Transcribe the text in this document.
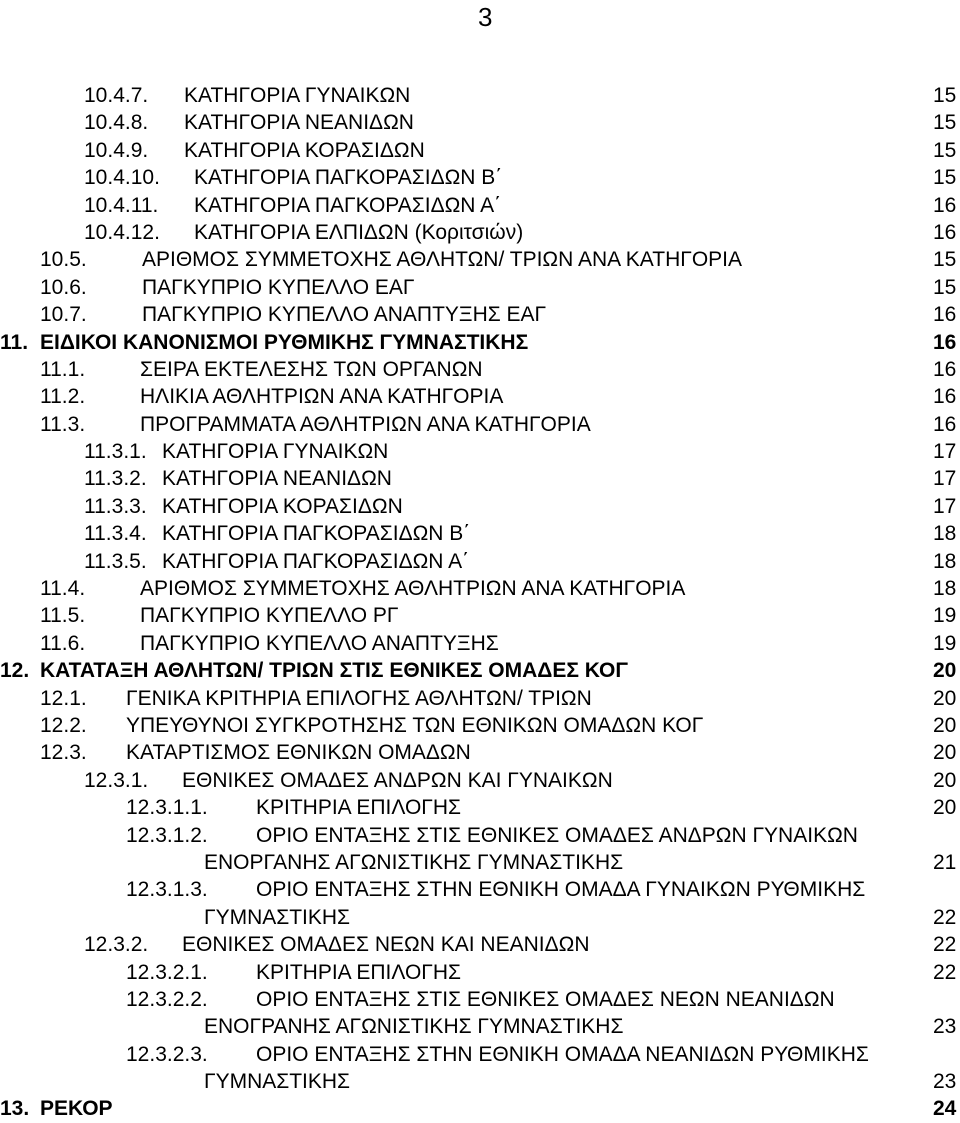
3
10.4.7. ΚΑΤΗΓΟΡΙΑ ΓΥΝΑΙΚΩΝ	15
10.4.8. ΚΑΤΗΓΟΡΙΑ ΝΕΑΝΙΔΩΝ	15
10.4.9. ΚΑΤΗΓΟΡΙΑ ΚΟΡΑΣΙΔΩΝ	15
10.4.10. ΚΑΤΗΓΟΡΙΑ ΠΑΓΚΟΡΑΣΙΔΩΝ Β΄	15
10.4.11. ΚΑΤΗΓΟΡΙΑ ΠΑΓΚΟΡΑΣΙΔΩΝ Α΄	16
10.4.12. ΚΑΤΗΓΟΡΙΑ ΕΛΠΙΔΩΝ (Κοριτσιών)	16
10.5.	ΑΡΙΘΜΟΣ ΣΥΜΜΕΤΟΧΗΣ ΑΘΛΗΤΩΝ/ ΤΡΙΩΝ ΑΝΑ ΚΑΤΗΓΟΡΙΑ	15
10.6.	ΠΑΓΚΥΠΡΙΟ ΚΥΠΕΛΛΟ ΕΑΓ	15
10.7.	ΠΑΓΚΥΠΡΙΟ ΚΥΠΕΛΛΟ ΑΝΑΠΤΥΞΗΣ ΕΑΓ	16
11. ΕΙΔΙΚΟΙ ΚΑΝΟΝΙΣΜΟΙ ΡΥΘΜΙΚΗΣ ΓΥΜΝΑΣΤΙΚΗΣ	16
11.1.	ΣΕΙΡΑ ΕΚΤΕΛΕΣΗΣ ΤΩΝ ΟΡΓΑΝΩΝ	16
11.2.	ΗΛΙΚΙΑ ΑΘΛΗΤΡΙΩΝ ΑΝΑ ΚΑΤΗΓΟΡΙΑ	16
11.3.	ΠΡΟΓΡΑΜΜΑΤΑ ΑΘΛΗΤΡΙΩΝ ΑΝΑ ΚΑΤΗΓΟΡΙΑ	16
11.3.1. ΚΑΤΗΓΟΡΙΑ ΓΥΝΑΙΚΩΝ	17
11.3.2. ΚΑΤΗΓΟΡΙΑ ΝΕΑΝΙΔΩΝ	17
11.3.3. ΚΑΤΗΓΟΡΙΑ ΚΟΡΑΣΙΔΩΝ	17
11.3.4. ΚΑΤΗΓΟΡΙΑ ΠΑΓΚΟΡΑΣΙΔΩΝ Β΄	18
11.3.5. ΚΑΤΗΓΟΡΙΑ ΠΑΓΚΟΡΑΣΙΔΩΝ Α΄	18
11.4.	ΑΡΙΘΜΟΣ ΣΥΜΜΕΤΟΧΗΣ ΑΘΛΗΤΡΙΩΝ ΑΝΑ ΚΑΤΗΓΟΡΙΑ	18
11.5.	ΠΑΓΚΥΠΡΙΟ ΚΥΠΕΛΛΟ ΡΓ	19
11.6.	ΠΑΓΚΥΠΡΙΟ ΚΥΠΕΛΛΟ ΑΝΑΠΤΥΞΗΣ	19
12. ΚΑΤΑΤΑΞΗ ΑΘΛΗΤΩΝ/ ΤΡΙΩΝ ΣΤΙΣ ΕΘΝΙΚΕΣ ΟΜΑΔΕΣ ΚΟΓ	20
12.1. ΓΕΝΙΚΑ ΚΡΙΤΗΡΙΑ ΕΠΙΛΟΓΗΣ ΑΘΛΗΤΩΝ/ ΤΡΙΩΝ	20
12.2. ΥΠΕΥΘΥΝΟΙ ΣΥΓΚΡΟΤΗΣΗΣ ΤΩΝ ΕΘΝΙΚΩΝ ΟΜΑΔΩΝ ΚΟΓ	20
12.3. ΚΑΤΑΡΤΙΣΜΟΣ ΕΘΝΙΚΩΝ ΟΜΑΔΩΝ	20
12.3.1. ΕΘΝΙΚΕΣ ΟΜΑΔΕΣ ΑΝΔΡΩΝ ΚΑΙ ΓΥΝΑΙΚΩΝ	20
12.3.1.1. ΚΡΙΤΗΡΙΑ ΕΠΙΛΟΓΗΣ	20
12.3.1.2. ΟΡΙΟ ΕΝΤΑΞΗΣ ΣΤΙΣ ΕΘΝΙΚΕΣ ΟΜΑΔΕΣ ΑΝΔΡΩΝ ΓΥΝΑΙΚΩΝ
ΕΝΟΡΓΑΝΗΣ ΑΓΩΝΙΣΤΙΚΗΣ ΓΥΜΝΑΣΤΙΚΗΣ	21
12.3.1.3. ΟΡΙΟ ΕΝΤΑΞΗΣ ΣΤΗΝ ΕΘΝΙΚΗ ΟΜΑΔΑ ΓΥΝΑΙΚΩΝ ΡΥΘΜΙΚΗΣ
ΓΥΜΝΑΣΤΙΚΗΣ	22
12.3.2. ΕΘΝΙΚΕΣ ΟΜΑΔΕΣ ΝΕΩΝ ΚΑΙ ΝΕΑΝΙΔΩΝ	22
12.3.2.1. ΚΡΙΤΗΡΙΑ ΕΠΙΛΟΓΗΣ	22
12.3.2.2. ΟΡΙΟ ΕΝΤΑΞΗΣ ΣΤΙΣ ΕΘΝΙΚΕΣ ΟΜΑΔΕΣ ΝΕΩΝ ΝΕΑΝΙΔΩΝ
ΕΝΟΓΡΑΝΗΣ ΑΓΩΝΙΣΤΙΚΗΣ ΓΥΜΝΑΣΤΙΚΗΣ	23
12.3.2.3. ΟΡΙΟ ΕΝΤΑΞΗΣ ΣΤΗΝ ΕΘΝΙΚΗ ΟΜΑΔΑ ΝΕΑΝΙΔΩΝ ΡΥΘΜΙΚΗΣ
ΓΥΜΝΑΣΤΙΚΗΣ	23
13. ΡΕΚΟΡ	24
